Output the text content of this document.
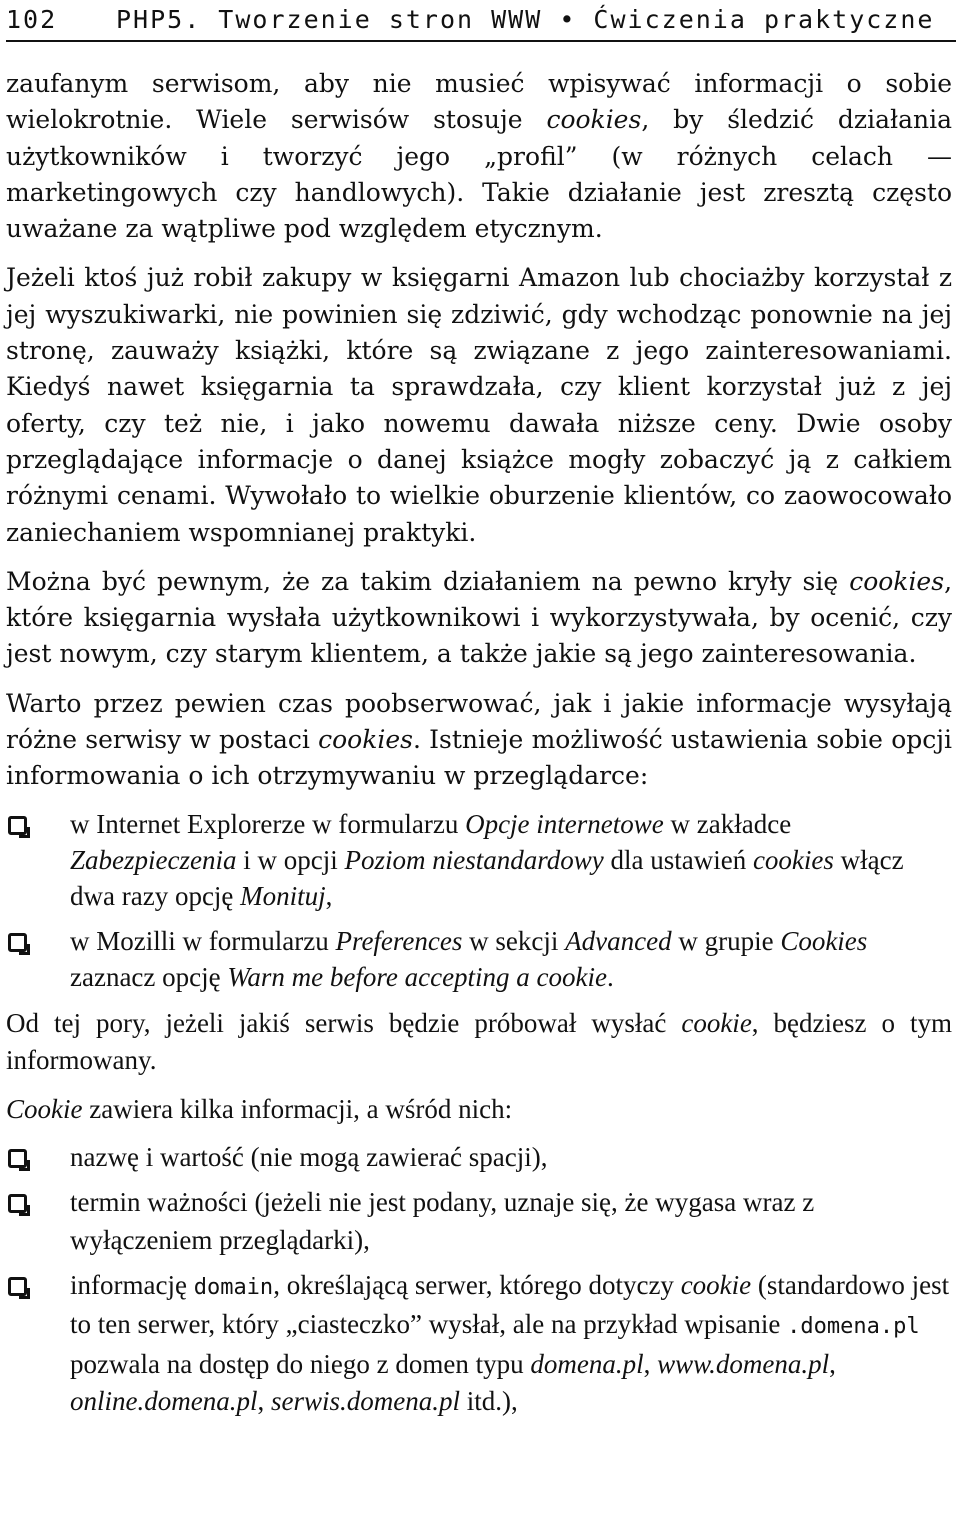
102 PHP5. Tworzenie stron WWW • Ćwiczenia praktyczne

zaufanym serwisom, aby nie musieć wpisywać informacji o sobie wielokrotnie. Wiele serwisów stosuje cookies, by śledzić działania użytkowników i tworzyć jego „profil” (w różnych celach — marketingowych czy handlowych). Takie działanie jest zresztą często uważane za wątpliwe pod względem etycznym.

Jeżeli ktoś już robił zakupy w księgarni Amazon lub chociażby korzystał z jej wyszukiwarki, nie powinien się zdziwić, gdy wchodząc ponownie na jej stronę, zauważy książki, które są związane z jego zainteresowaniami. Kiedyś nawet księgarnia ta sprawdzała, czy klient korzystał już z jej oferty, czy też nie, i jako nowemu dawała niższe ceny. Dwie osoby przeglądające informacje o danej książce mogły zobaczyć ją z całkiem różnymi cenami. Wywołało to wielkie oburzenie klientów, co zaowocowało zaniechaniem wspomnianej praktyki.

Można być pewnym, że za takim działaniem na pewno kryły się cookies, które księgarnia wysłała użytkownikowi i wykorzystywała, by ocenić, czy jest nowym, czy starym klientem, a także jakie są jego zainteresowania.

Warto przez pewien czas poobserwować, jak i jakie informacje wysyłają różne serwisy w postaci cookies. Istnieje możliwość ustawienia sobie opcji informowania o ich otrzymywaniu w przeglądarce:

w Internet Explorerze w formularzu Opcje internetowe w zakładce Zabezpieczenia i w opcji Poziom niestandardowy dla ustawień cookies włącz dwa razy opcję Monituj,
w Mozilli w formularzu Preferences w sekcji Advanced w grupie Cookies zaznacz opcję Warn me before accepting a cookie.

Od tej pory, jeżeli jakiś serwis będzie próbował wysłać cookie, będziesz o tym informowany.

Cookie zawiera kilka informacji, a wśród nich:

nazwę i wartość (nie mogą zawierać spacji),
termin ważności (jeżeli nie jest podany, uznaje się, że wygasa wraz z wyłączeniem przeglądarki),
informację domain, określającą serwer, którego dotyczy cookie (standardowo jest to ten serwer, który „ciasteczko” wysłał, ale na przykład wpisanie .domena.pl pozwala na dostęp do niego z domen typu domena.pl, www.domena.pl, online.domena.pl, serwis.domena.pl itd.),
